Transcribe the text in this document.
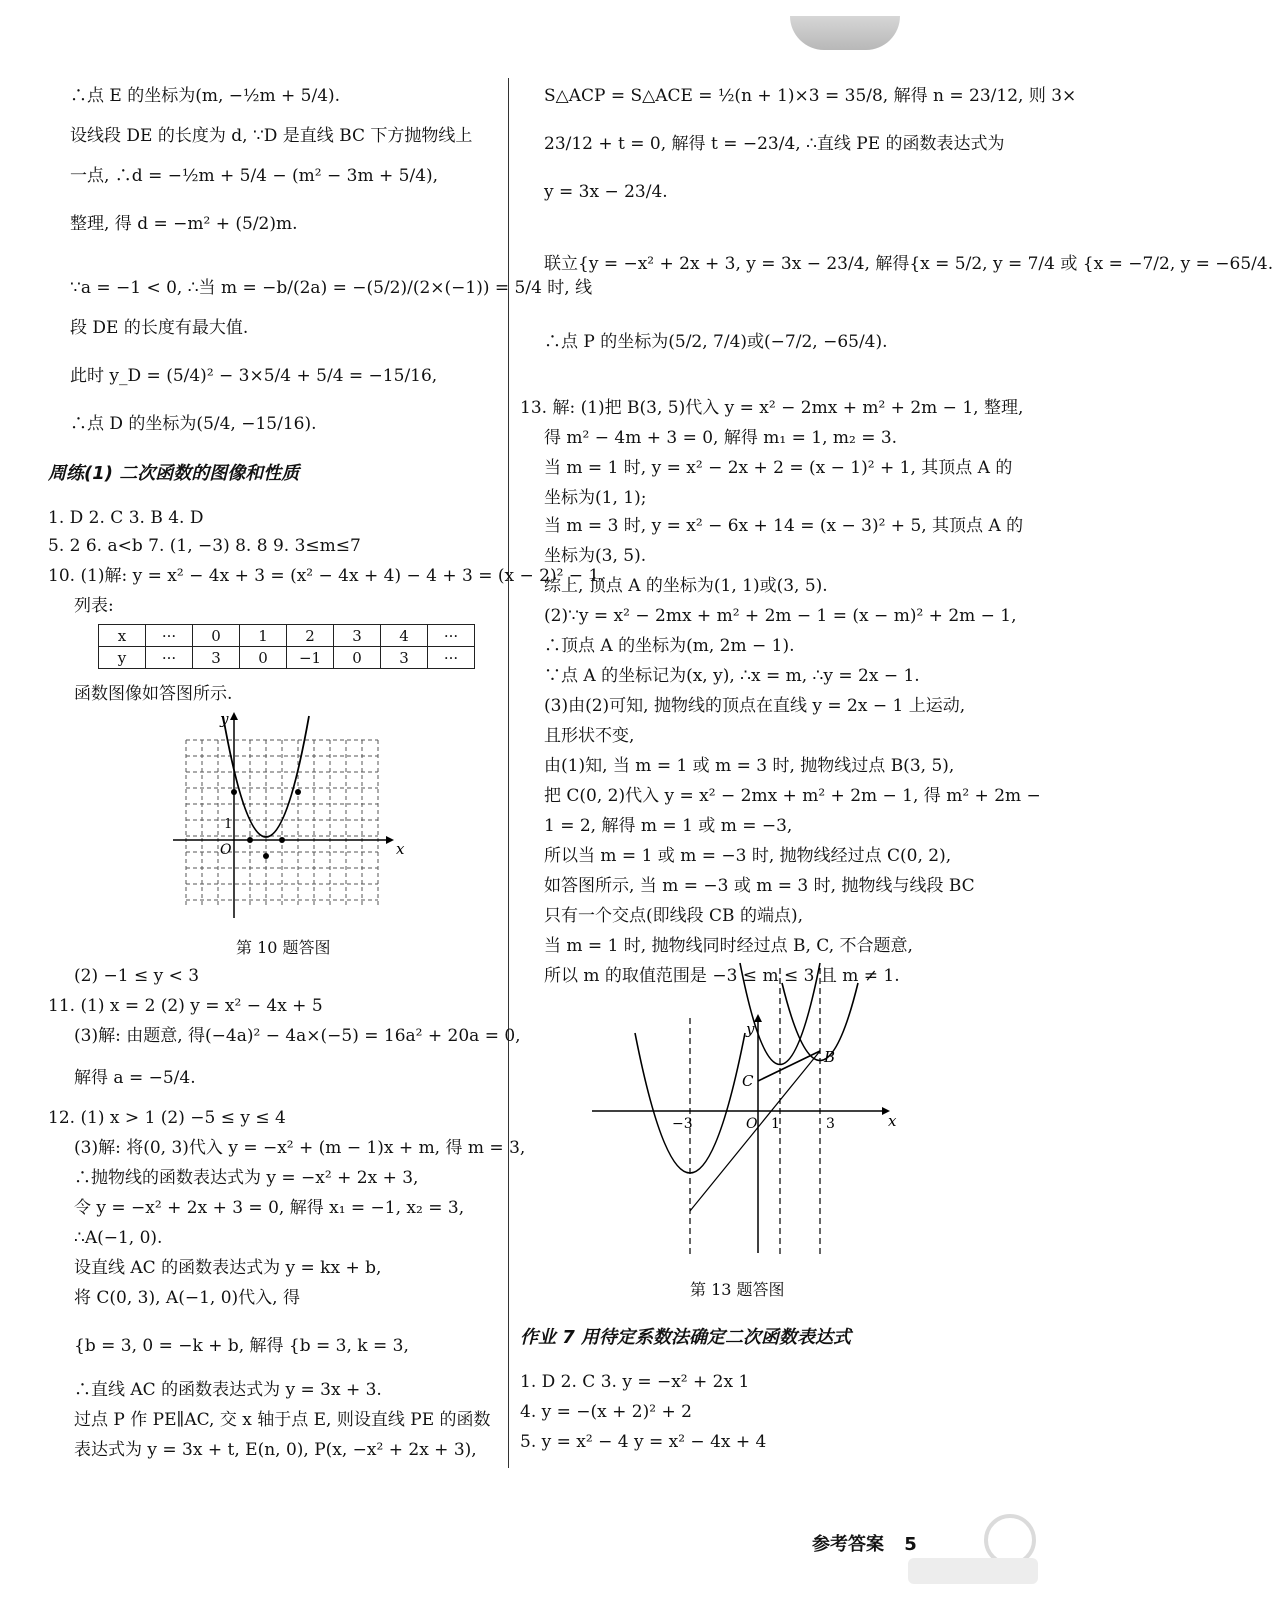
∴点 E 的坐标为(m, −½m + 5/4).
设线段 DE 的长度为 d, ∵D 是直线 BC 下方抛物线上
一点, ∴d = −½m + 5/4 − (m² − 3m + 5/4),
整理, 得 d = −m² + (5/2)m.
∵a = −1 < 0, ∴当 m = −b/(2a) = −(5/2)/(2×(−1)) = 5/4 时, 线
段 DE 的长度有最大值.
此时 y_D = (5/4)² − 3×5/4 + 5/4 = −15/16,
∴点 D 的坐标为(5/4, −15/16).
周练(1) 二次函数的图像和性质
1. D 2. C 3. B 4. D
5. 2 6. a<b 7. (1, −3) 8. 8 9. 3≤m≤7
10. (1)解: y = x² − 4x + 3 = (x² − 4x + 4) − 4 + 3 = (x − 2)² − 1.
列表:
x	···	0	1	2	3	4	···
y	···	3	0	−1	0	3	···
函数图像如答图所示.
y
x
O
1
第 10 题答图
(2) −1 ≤ y < 3
11. (1) x = 2 (2) y = x² − 4x + 5
(3)解: 由题意, 得(−4a)² − 4a×(−5) = 16a² + 20a = 0,
解得 a = −5/4.
12. (1) x > 1 (2) −5 ≤ y ≤ 4
(3)解: 将(0, 3)代入 y = −x² + (m − 1)x + m, 得 m = 3,
∴抛物线的函数表达式为 y = −x² + 2x + 3,
令 y = −x² + 2x + 3 = 0, 解得 x₁ = −1, x₂ = 3,
∴A(−1, 0).
设直线 AC 的函数表达式为 y = kx + b,
将 C(0, 3), A(−1, 0)代入, 得
{b = 3, 0 = −k + b, 解得 {b = 3, k = 3,
∴直线 AC 的函数表达式为 y = 3x + 3.
过点 P 作 PE∥AC, 交 x 轴于点 E, 则设直线 PE 的函数
表达式为 y = 3x + t, E(n, 0), P(x, −x² + 2x + 3),
S△ACP = S△ACE = ½(n + 1)×3 = 35/8, 解得 n = 23/12, 则 3×
23/12 + t = 0, 解得 t = −23/4, ∴直线 PE 的函数表达式为
y = 3x − 23/4.
联立{y = −x² + 2x + 3, y = 3x − 23/4, 解得{x = 5/2, y = 7/4 或 {x = −7/2, y = −65/4.
∴点 P 的坐标为(5/2, 7/4)或(−7/2, −65/4).
13. 解: (1)把 B(3, 5)代入 y = x² − 2mx + m² + 2m − 1, 整理,
得 m² − 4m + 3 = 0, 解得 m₁ = 1, m₂ = 3.
当 m = 1 时, y = x² − 2x + 2 = (x − 1)² + 1, 其顶点 A 的
坐标为(1, 1);
当 m = 3 时, y = x² − 6x + 14 = (x − 3)² + 5, 其顶点 A 的
坐标为(3, 5).
综上, 顶点 A 的坐标为(1, 1)或(3, 5).
(2)∵y = x² − 2mx + m² + 2m − 1 = (x − m)² + 2m − 1,
∴顶点 A 的坐标为(m, 2m − 1).
∵点 A 的坐标记为(x, y), ∴x = m, ∴y = 2x − 1.
(3)由(2)可知, 抛物线的顶点在直线 y = 2x − 1 上运动,
且形状不变,
由(1)知, 当 m = 1 或 m = 3 时, 抛物线过点 B(3, 5),
把 C(0, 2)代入 y = x² − 2mx + m² + 2m − 1, 得 m² + 2m −
1 = 2, 解得 m = 1 或 m = −3,
所以当 m = 1 或 m = −3 时, 抛物线经过点 C(0, 2),
如答图所示, 当 m = −3 或 m = 3 时, 抛物线与线段 BC
只有一个交点(即线段 CB 的端点),
当 m = 1 时, 抛物线同时经过点 B, C, 不合题意,
所以 m 的取值范围是 −3 ≤ m ≤ 3 且 m ≠ 1.
y
x
O
−3	1	3
B
C
第 13 题答图
作业 7 用待定系数法确定二次函数表达式
1. D 2. C 3. y = −x² + 2x 1
4. y = −(x + 2)² + 2
5. y = x² − 4 y = x² − 4x + 4
参考答案 5
